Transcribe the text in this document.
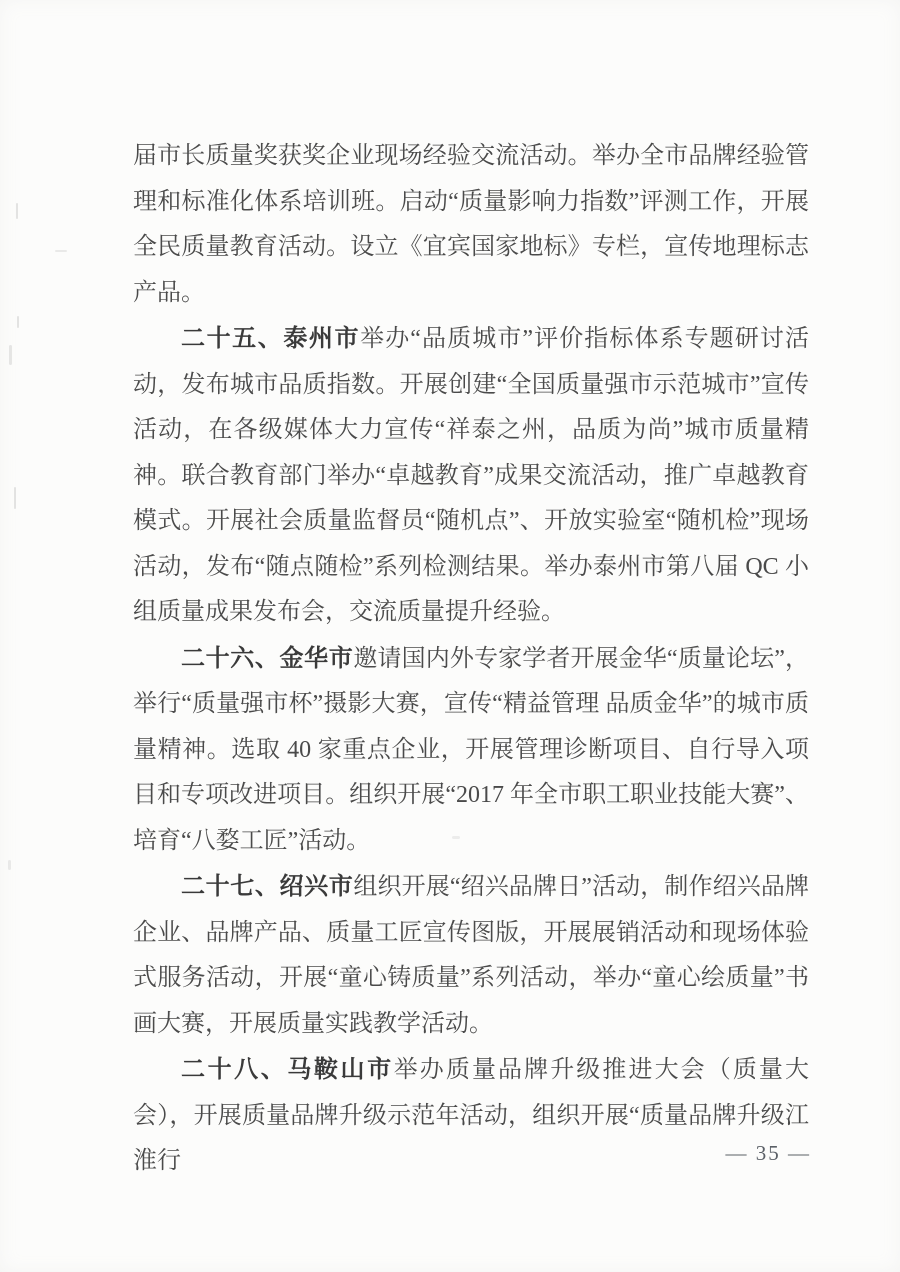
届市长质量奖获奖企业现场经验交流活动。举办全市品牌经验管理和标准化体系培训班。启动“质量影响力指数”评测工作，开展全民质量教育活动。设立《宜宾国家地标》专栏，宣传地理标志产品。

二十五、泰州市举办“品质城市”评价指标体系专题研讨活动，发布城市品质指数。开展创建“全国质量强市示范城市”宣传活动，在各级媒体大力宣传“祥泰之州，品质为尚”城市质量精神。联合教育部门举办“卓越教育”成果交流活动，推广卓越教育模式。开展社会质量监督员“随机点”、开放实验室“随机检”现场活动，发布“随点随检”系列检测结果。举办泰州市第八届 QC 小组质量成果发布会，交流质量提升经验。

二十六、金华市邀请国内外专家学者开展金华“质量论坛”，举行“质量强市杯”摄影大赛，宣传“精益管理 品质金华”的城市质量精神。选取 40 家重点企业，开展管理诊断项目、自行导入项目和专项改进项目。组织开展“2017 年全市职工职业技能大赛”、培育“八婺工匠”活动。

二十七、绍兴市组织开展“绍兴品牌日”活动，制作绍兴品牌企业、品牌产品、质量工匠宣传图版，开展展销活动和现场体验式服务活动，开展“童心铸质量”系列活动，举办“童心绘质量”书画大赛，开展质量实践教学活动。

二十八、马鞍山市举办质量品牌升级推进大会（质量大会），开展质量品牌升级示范年活动，组织开展“质量品牌升级江淮行	— 35 —
